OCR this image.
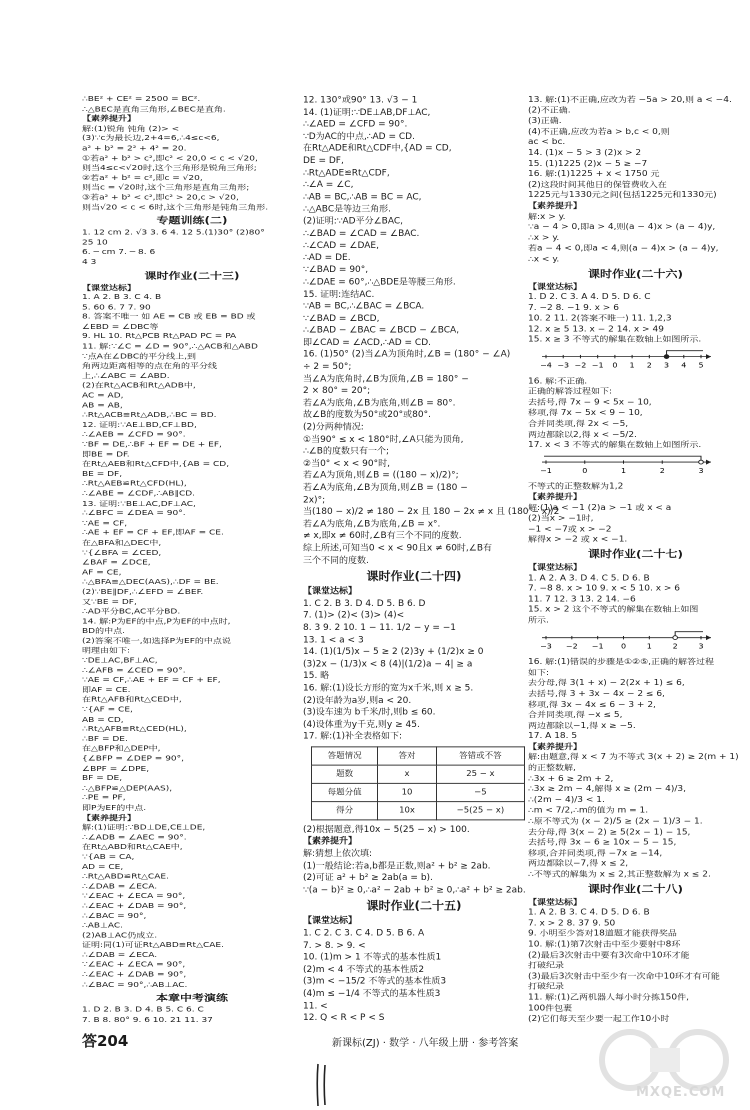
∴BE² + CE² = 2500 = BC².
∴△BEC是直角三角形,∠BEC是直角.
【素养提升】
解:(1)锐角 钝角 (2)> <
(3)∵c为最长边,2+4=6,∴4≤c<6,
a² + b² = 2² + 4² = 20.
①若a² + b² > c²,即c² < 20,0 < c < √20,
则当4≤c<√20时,这个三角形是锐角三角形;
②若a² + b² = c²,即c = √20,
则当c = √20时,这个三角形是直角三角形;
③若a² + b² < c²,即c² > 20,c > √20,
则当√20 < c < 6时,这个三角形是钝角三角形.
专题训练(二)
1. 12 cm 2. √3 3. 6 4. 12 5.(1)30° (2)80°
25 10
6. ─ cm 7. ─ 8. 6
4 3
课时作业(二十三)
【课堂达标】
1. A 2. B 3. C 4. B
5. 60 6. 7 7. 90
8. 答案不唯一 如 AE = CB 或 EB = BD 或
∠EBD = ∠DBC等
9. HL 10. Rt△PCB Rt△PAD PC = PA
11. 解:∵∠C = ∠D = 90°,∴△ACB和△ABD
∵点A在∠DBC的平分线上,到
角两边距离相等的点在角的平分线
上,∴∠ABC = ∠ABD.
(2)在Rt△ACB和Rt△ADB中,
AC = AD,
AB = AB,
∴Rt△ACB≌Rt△ADB,∴BC = BD.
12. 证明:∵AE⊥BD,CF⊥BD,
∴∠AEB = ∠CFD = 90°.
∵BF = DE,∴BF + EF = DE + EF,
即BE = DF.
在Rt△AEB和Rt△CFD中,{AB = CD,
BE = DF,
∴Rt△AEB≌Rt△CFD(HL),
∴∠ABE = ∠CDF,∴AB∥CD.
13. 证明:∵BE⊥AC,DF⊥AC,
∴∠BFC = ∠DEA = 90°.
∵AE = CF,
∴AE + EF = CF + EF,即AF = CE.
在△BFA和△DEC中,
∵{∠BFA = ∠CED,
∠BAF = ∠DCE,
AF = CE,
∴△BFA≌△DEC(AAS),∴DF = BE.
(2)∵BE∥DF,∴∠EFD = ∠BEF.
又∵BE = DF,
∴AD平分BC,AC平分BD.
14. 解:P为EF的中点,P为EF的中点时,
BD的中点.
(2)答案不唯一,如选择P为EF的中点说
明理由如下:
∵DE⊥AC,BF⊥AC,
∴∠AFB = ∠CED = 90°.
∵AE = CF,∴AE + EF = CF + EF,
即AF = CE.
在Rt△AFB和Rt△CED中,
∵{AF = CE,
AB = CD,
∴Rt△AFB≌Rt△CED(HL),
∴BF = DE.
在△BFP和△DEP中,
{∠BFP = ∠DEP = 90°,
∠BPF = ∠DPE,
BF = DE,
∴△BFP≌△DEP(AAS),
∴PE = PF,
即P为EF的中点.
【素养提升】
解:(1)证明:∵BD⊥DE,CE⊥DE,
∴∠ADB = ∠AEC = 90°.
在Rt△ABD和Rt△CAE中,
∵{AB = CA,
AD = CE,
∴Rt△ABD≌Rt△CAE.
∴∠DAB = ∠ECA.
∵∠EAC + ∠ECA = 90°,
∴∠EAC + ∠DAB = 90°,
∴∠BAC = 90°,
∴AB⊥AC.
(2)AB⊥AC仍成立.
证明:同(1)可证Rt△ABD≌Rt△CAE.
∴∠DAB = ∠ECA.
∵∠EAC + ∠ECA = 90°,
∴∠EAC + ∠DAB = 90°,
∴∠BAC = 90°,∴AB⊥AC.
本章中考演练
1. D 2. B 3. D 4. B 5. C 6. C
7. B 8. 80° 9. 6 10. 21 11. 37
12. 130°或90° 13. √3 − 1
14. (1)证明:∵DE⊥AB,DF⊥AC,
∴∠AED = ∠CFD = 90°.
∵D为AC的中点,∴AD = CD.
在Rt△ADE和Rt△CDF中,{AD = CD,
DE = DF,
∴Rt△ADE≌Rt△CDF,
∴∠A = ∠C,
∴AB = BC,∴AB = BC = AC,
∴△ABC是等边三角形.
(2)证明:∵AD平分∠BAC,
∴∠BAD = ∠CAD = ∠BAC.
∴∠CAD = ∠DAE,
∴AD = DE.
∵∠BAD = 90°,
∴∠DAE = 60°,∴△BDE是等腰三角形.
15. 证明:连结AC.
∵AB = BC,∴∠BAC = ∠BCA.
∵∠BAD = ∠BCD,
∴∠BAD − ∠BAC = ∠BCD − ∠BCA,
即∠CAD = ∠ACD,∴AD = CD.
16. (1)50° (2)当∠A为顶角时,∠B = (180° − ∠A)
÷ 2 = 50°;
当∠A为底角时,∠B为顶角,∠B = 180° −
2 × 80° = 20°;
若∠A为底角,∠B为底角,则∠B = 80°.
故∠B的度数为50°或20°或80°.
(2)分两种情况:
①当90° ≤ x < 180°时,∠A只能为顶角,
∴∠B的度数只有一个;
②当0° < x < 90°时,
若∠A为顶角,则∠B = ((180 − x)/2)°;
若∠A为底角,∠B为顶角,则∠B = (180 −
2x)°;
当(180 − x)/2 ≠ 180 − 2x 且 180 − 2x ≠ x 且 (180 − x)/2
若∠A为底角,∠B为底角,∠B = x°.
≠ x,即x ≠ 60时,∠B有三个不同的度数.
综上所述,可知当0 < x < 90且x ≠ 60时,∠B有
三个不同的度数.
课时作业(二十四)
【课堂达标】
1. C 2. B 3. D 4. D 5. B 6. D
7. (1)> (2)< (3)> (4)<
8. 3 9. 2 10. 1 − 11. 1/2 − y = −1
13. 1 < a < 3
14. (1)(1/5)x − 5 ≥ 2 (2)3y + (1/2)x ≥ 0
(3)2x − (1/3)x < 8 (4)|(1/2)a − 4| ≥ a
15. 略
16. 解:(1)设长方形的宽为x千米,则 x ≥ 5.
(2)设年龄为a岁,则a < 20.
(3)设车速为 b千米/时,则b ≤ 60.
(4)设体重为y千克,则y ≥ 45.
17. 解:(1)补全表格如下:
答题情况	答对	答错或不答
题数	x	25 − x
每题分值	10	−5
得分	10x	−5(25 − x)
(2)根据题意,得10x − 5(25 − x) > 100.
【素养提升】
解:猜想上依次填:
(1)一般结论:若a,b都是正数,则a² + b² ≥ 2ab.
(2)可证 a² + b² ≥ 2ab(a = b).
∵(a − b)² ≥ 0,∴a² − 2ab + b² ≥ 0,∴a² + b² ≥ 2ab.
课时作业(二十五)
【课堂达标】
1. C 2. C 3. C 4. D 5. B 6. A
7. > 8. > 9. <
10. (1)m > 1 不等式的基本性质1
(2)m < 4 不等式的基本性质2
(3)m < −15/2 不等式的基本性质3
(4)m ≤ −1/4 不等式的基本性质3
11. <
12. Q < R < P < S
13. 解:(1)不正确,应改为若 −5a > 20,则 a < −4.
(2)不正确.
(3)正确.
(4)不正确,应改为若a > b,c < 0,则
ac < bc.
14. (1)x − 5 > 3 (2)x > 2
15. (1)1225 (2)x − 5 ≥ −7
16. 解:(1)1225 + x < 1750 元
(2)这段时间其他日的保管费收入在
1225元与1330元之间(包括1225元和1330元)
【素养提升】
解:x > y.
∵a − 4 > 0,即a > 4,则(a − 4)x > (a − 4)y,
∴x > y.
若a − 4 < 0,即a < 4,则(a − 4)x > (a − 4)y,
∴x < y.
课时作业(二十六)
【课堂达标】
1. D 2. C 3. A 4. D 5. D 6. C
7. −2 8. −1 9. x > 6
10. 2 11. 2(答案不唯一) 11. 1,2,3
12. x ≥ 5 13. x − 2 14. x > 49
15. x ≥ 3 不等式的解集在数轴上如图所示.
−4 −3 −2 −1 0 1 2 3 4 5
16. 解:不正确.
正确的解答过程如下:
去括号,得 7x − 9 < 5x − 10,
移项,得 7x − 5x < 9 − 10,
合并同类项,得 2x < −5,
两边都除以2,得 x < −5/2.
17. x < 3 不等式的解集在数轴上如图所示.
−1	0	1	2	3
不等式的正整数解为1,2
【素养提升】
解:(1)a < −1 (2)a > −1 或 x < a
(2)当x > −1时,
−1 < −7或 x > −2
解得x > −2 或 x < −1.
课时作业(二十七)
【课堂达标】
1. A 2. A 3. D 4. C 5. D 6. B
7. −8 8. x > 10 9. x < 5 10. x > 6
11. 7 12. 3 13. 2 14. −6
15. x > 2 这个不等式的解集在数轴上如图
所示.
−3 −2 −1 0	1	2	3
16. 解:(1)错误的步骤是①②⑤,正确的解答过程
如下:
去分母,得 3(1 + x) − 2(2x + 1) ≤ 6,
去括号,得 3 + 3x − 4x − 2 ≤ 6,
移项,得 3x − 4x ≤ 6 − 3 + 2,
合并同类项,得 −x ≤ 5,
两边都除以−1,得 x ≥ −5.
17. A 18. 5
【素养提升】
解:由题意,得 x < 7 为不等式 3(x + 2) ≥ 2(m + 1)
的正整数解,
∴3x + 6 ≥ 2m + 2,
∴3x ≥ 2m − 4,解得 x ≥ (2m − 4)/3,
∴(2m − 4)/3 < 1.
∴m < 7/2,∴m的值为 m = 1.
∴原不等式为 (x − 2)/5 ≥ (2x − 1)/3 − 1.
去分母,得 3(x − 2) ≥ 5(2x − 1) − 15,
去括号,得 3x − 6 ≥ 10x − 5 − 15,
移项,合并同类项,得 −7x ≥ −14,
两边都除以−7,得 x ≤ 2,
∴不等式的解集为 x ≤ 2,其正整数解为 x ≤ 2.
课时作业(二十八)
【课堂达标】
1. A 2. B 3. C 4. D 5. D 6. B
7. x > 2 8. 37 9. 50
9. 小明至少答对18道题才能获得奖品
10. 解:(1)第7次射击中至少要射中8环
(2)最后3次射击中要有3次命中10环才能
打破纪录
(3)最后3次射击中至少有一次命中10环才有可能
打破纪录
11. 解:(1)乙两机器人每小时分拣150件,
100件包裹
(2)它们每天至少要一起工作10小时
答204	新课标(ZJ) · 数学 · 八年级上册 · 参考答案
MXQE.COM
